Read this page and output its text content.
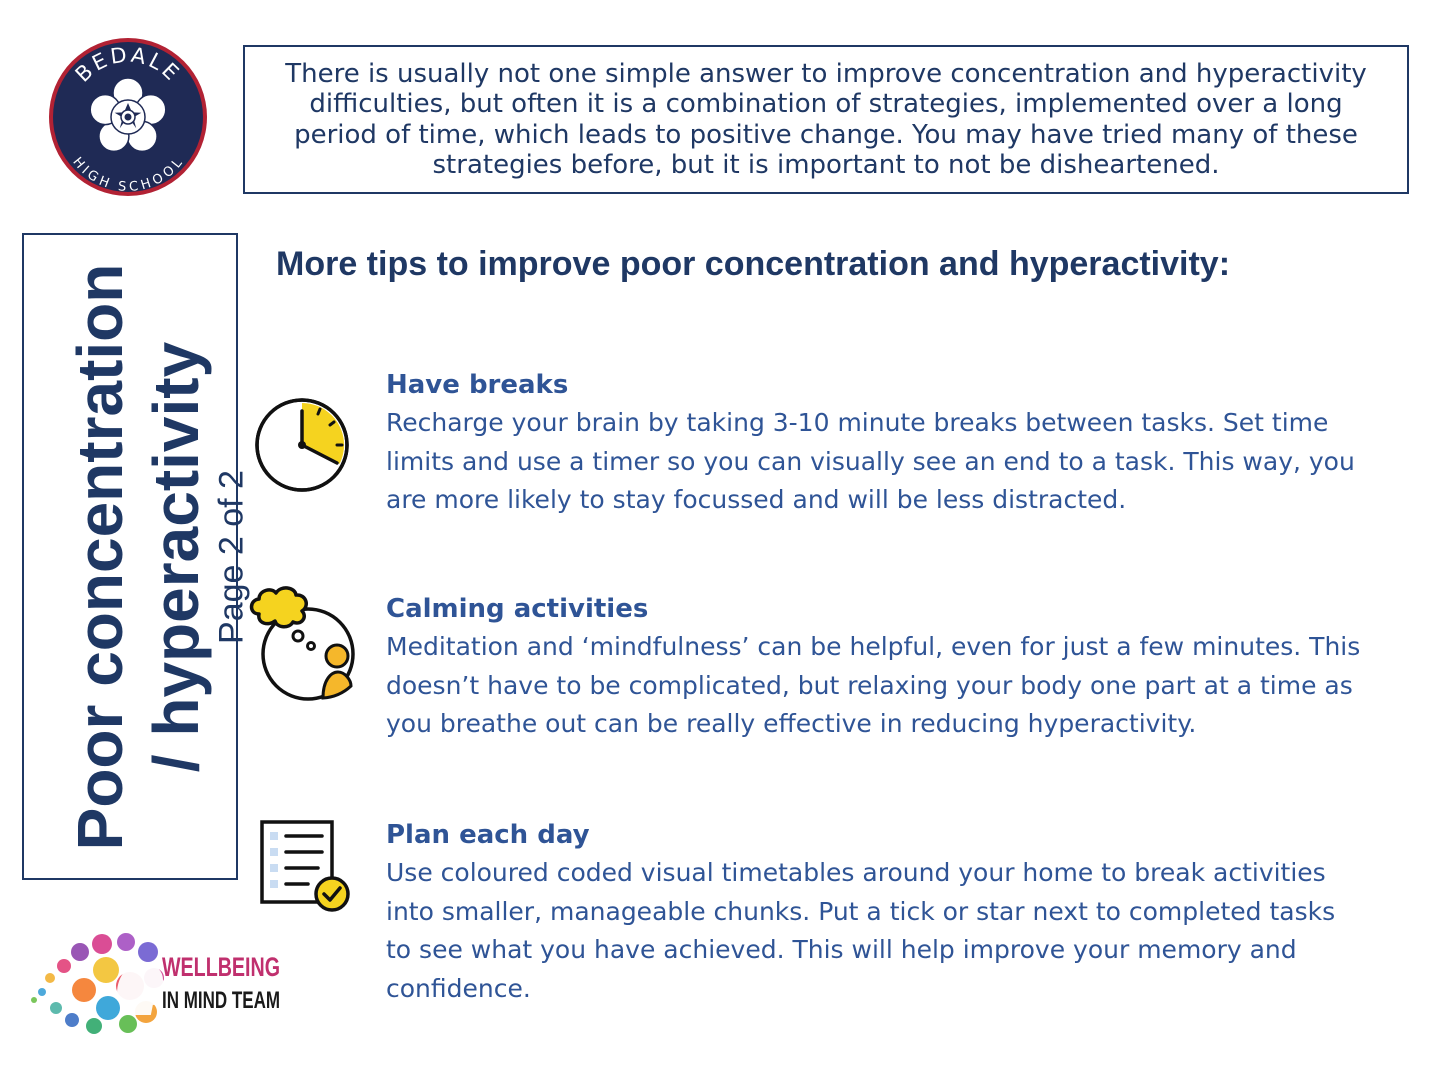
BEDALE
HIGH SCHOOL

There is usually not one simple answer to improve concentration and hyperactivity difficulties, but often it is a combination of strategies, implemented over a long period of time, which leads to positive change. You may have tried many of these strategies before, but it is important to not be disheartened.

Poor concentration / hyperactivity Page 2 of 2
More tips to improve poor concentration and hyperactivity:

Have breaks

Recharge your brain by taking 3-10 minute breaks between tasks. Set time limits and use a timer so you can visually see an end to a task. This way, you are more likely to stay focussed and will be less distracted.

Calming activities

Meditation and ‘mindfulness’ can be helpful, even for just a few minutes. This doesn’t have to be complicated, but relaxing your body one part at a time as you breathe out can be really effective in reducing hyperactivity.

Plan each day

Use coloured coded visual timetables around your home to break activities into smaller, manageable chunks. Put a tick or star next to completed tasks to see what you have achieved. This will help improve your memory and confidence.

WELLBEING
IN MIND TEAM
